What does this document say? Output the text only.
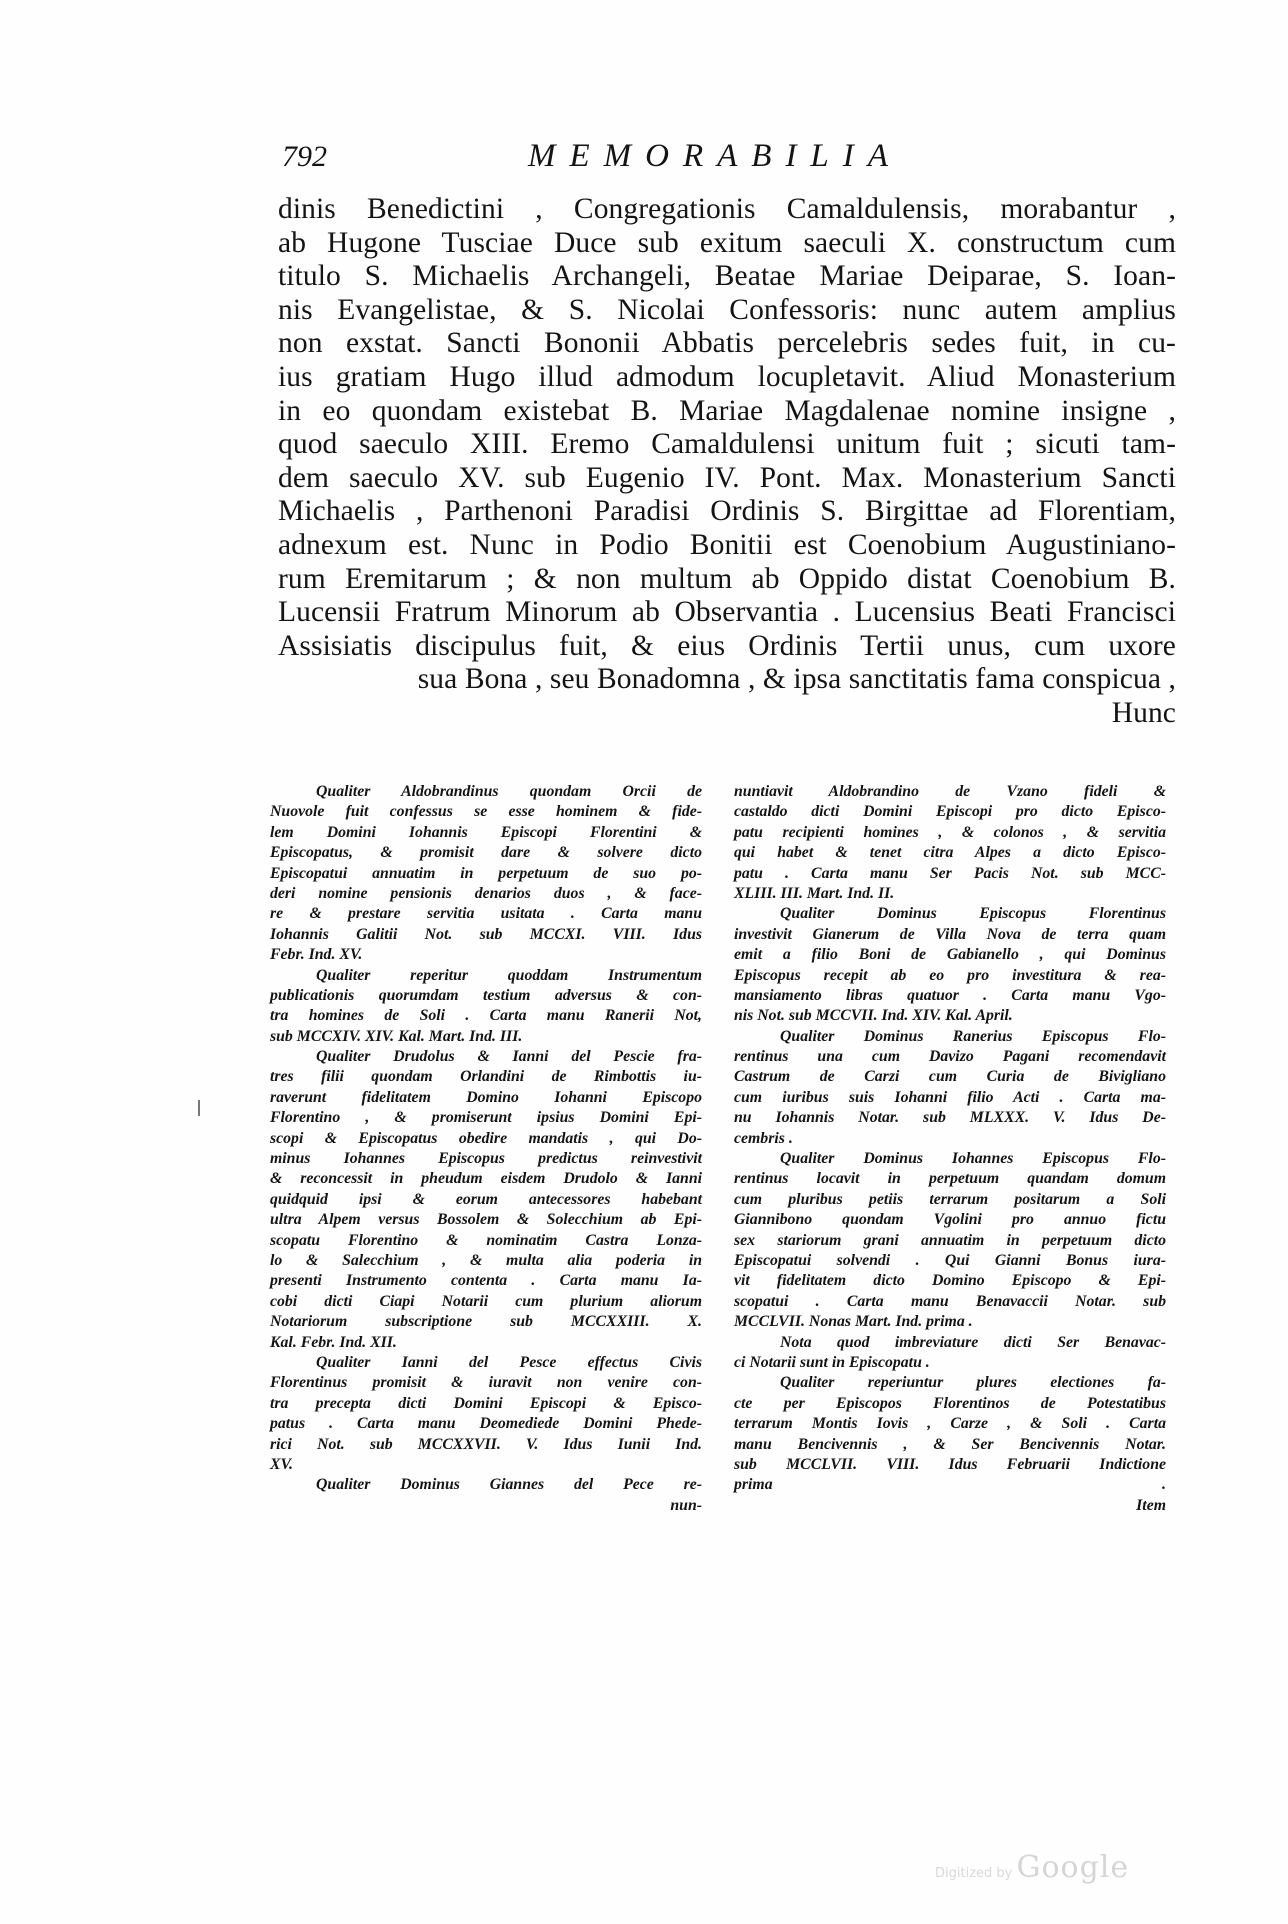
792	MEMORABILIA
dinis Benedictini , Congregationis Camaldulensis, morabantur ,
ab Hugone Tusciae Duce sub exitum saeculi X. constructum cum
titulo S. Michaelis Archangeli, Beatae Mariae Deiparae, S. Ioan-
nis Evangelistae, & S. Nicolai Confessoris: nunc autem amplius
non exstat. Sancti Bononii Abbatis percelebris sedes fuit, in cu-
ius gratiam Hugo illud admodum locupletavit. Aliud Monasterium
in eo quondam existebat B. Mariae Magdalenae nomine insigne ,
quod saeculo XIII. Eremo Camaldulensi unitum fuit ; sicuti tam-
dem saeculo XV. sub Eugenio IV. Pont. Max. Monasterium Sancti
Michaelis , Parthenoni Paradisi Ordinis S. Birgittae ad Florentiam,
adnexum est. Nunc in Podio Bonitii est Coenobium Augustiniano-
rum Eremitarum ; & non multum ab Oppido distat Coenobium B.
Lucensii Fratrum Minorum ab Observantia . Lucensius Beati Francisci
Assisiatis discipulus fuit, & eius Ordinis Tertii unus, cum uxore
sua Bona , seu Bonadomna , & ipsa sanctitatis fama conspicua ,
Hunc
Qualiter Aldobrandinus quondam Orcii de
Nuovole fuit confessus se esse hominem & fide-
lem Domini Iohannis Episcopi Florentini &
Episcopatus, & promisit dare & solvere dicto
Episcopatui annuatim in perpetuum de suo po-
deri nomine pensionis denarios duos , & face-
re & prestare servitia usitata . Carta manu
Iohannis Galitii Not. sub MCCXI. VIII. Idus
Febr. Ind. XV.
Qualiter reperitur quoddam Instrumentum
publicationis quorumdam testium adversus & con-
tra homines de Soli . Carta manu Ranerii Not,
sub MCCXIV. XIV. Kal. Mart. Ind. III.
Qualiter Drudolus & Ianni del Pescie fra-
tres filii quondam Orlandini de Rimbottis iu-
raverunt fidelitatem Domino Iohanni Episcopo
Florentino , & promiserunt ipsius Domini Epi-
scopi & Episcopatus obedire mandatis , qui Do-
minus Iohannes Episcopus predictus reinvestivit
& reconcessit in pheudum eisdem Drudolo & Ianni
quidquid ipsi & eorum antecessores habebant
ultra Alpem versus Bossolem & Solecchium ab Epi-
scopatu Florentino & nominatim Castra Lonza-
lo & Salecchium , & multa alia poderia in
presenti Instrumento contenta . Carta manu Ia-
cobi dicti Ciapi Notarii cum plurium aliorum
Notariorum subscriptione sub MCCXXIII. X.
Kal. Febr. Ind. XII.
Qualiter Ianni del Pesce effectus Civis
Florentinus promisit & iuravit non venire con-
tra precepta dicti Domini Episcopi & Episco-
patus . Carta manu Deomediede Domini Phede-
rici Not. sub MCCXXVII. V. Idus Iunii Ind.
XV.
Qualiter Dominus Giannes del Pece re-
nun-
nuntiavit Aldobrandino de Vzano fideli &
castaldo dicti Domini Episcopi pro dicto Episco-
patu recipienti homines , & colonos , & servitia
qui habet & tenet citra Alpes a dicto Episco-
patu . Carta manu Ser Pacis Not. sub MCC-
XLIII. III. Mart. Ind. II.
Qualiter Dominus Episcopus Florentinus
investivit Gianerum de Villa Nova de terra quam
emit a filio Boni de Gabianello , qui Dominus
Episcopus recepit ab eo pro investitura & rea-
mansiamento libras quatuor . Carta manu Vgo-
nis Not. sub MCCVII. Ind. XIV. Kal. April.
Qualiter Dominus Ranerius Episcopus Flo-
rentinus una cum Davizo Pagani recomendavit
Castrum de Carzi cum Curia de Bivigliano
cum iuribus suis Iohanni filio Acti . Carta ma-
nu Iohannis Notar. sub MLXXX. V. Idus De-
cembris .
Qualiter Dominus Iohannes Episcopus Flo-
rentinus locavit in perpetuum quandam domum
cum pluribus petiis terrarum positarum a Soli
Giannibono quondam Vgolini pro annuo fictu
sex stariorum grani annuatim in perpetuum dicto
Episcopatui solvendi . Qui Gianni Bonus iura-
vit fidelitatem dicto Domino Episcopo & Epi-
scopatui . Carta manu Benavaccii Notar. sub
MCCLVII. Nonas Mart. Ind. prima .
Nota quod imbreviature dicti Ser Benavac-
ci Notarii sunt in Episcopatu .
Qualiter reperiuntur plures electiones fa-
cte per Episcopos Florentinos de Potestatibus
terrarum Montis Iovis , Carze , & Soli . Carta
manu Bencivennis , & Ser Bencivennis Notar.
sub MCCLVII. VIII. Idus Februarii Indictione
prima .
Item
Digitized by Google
